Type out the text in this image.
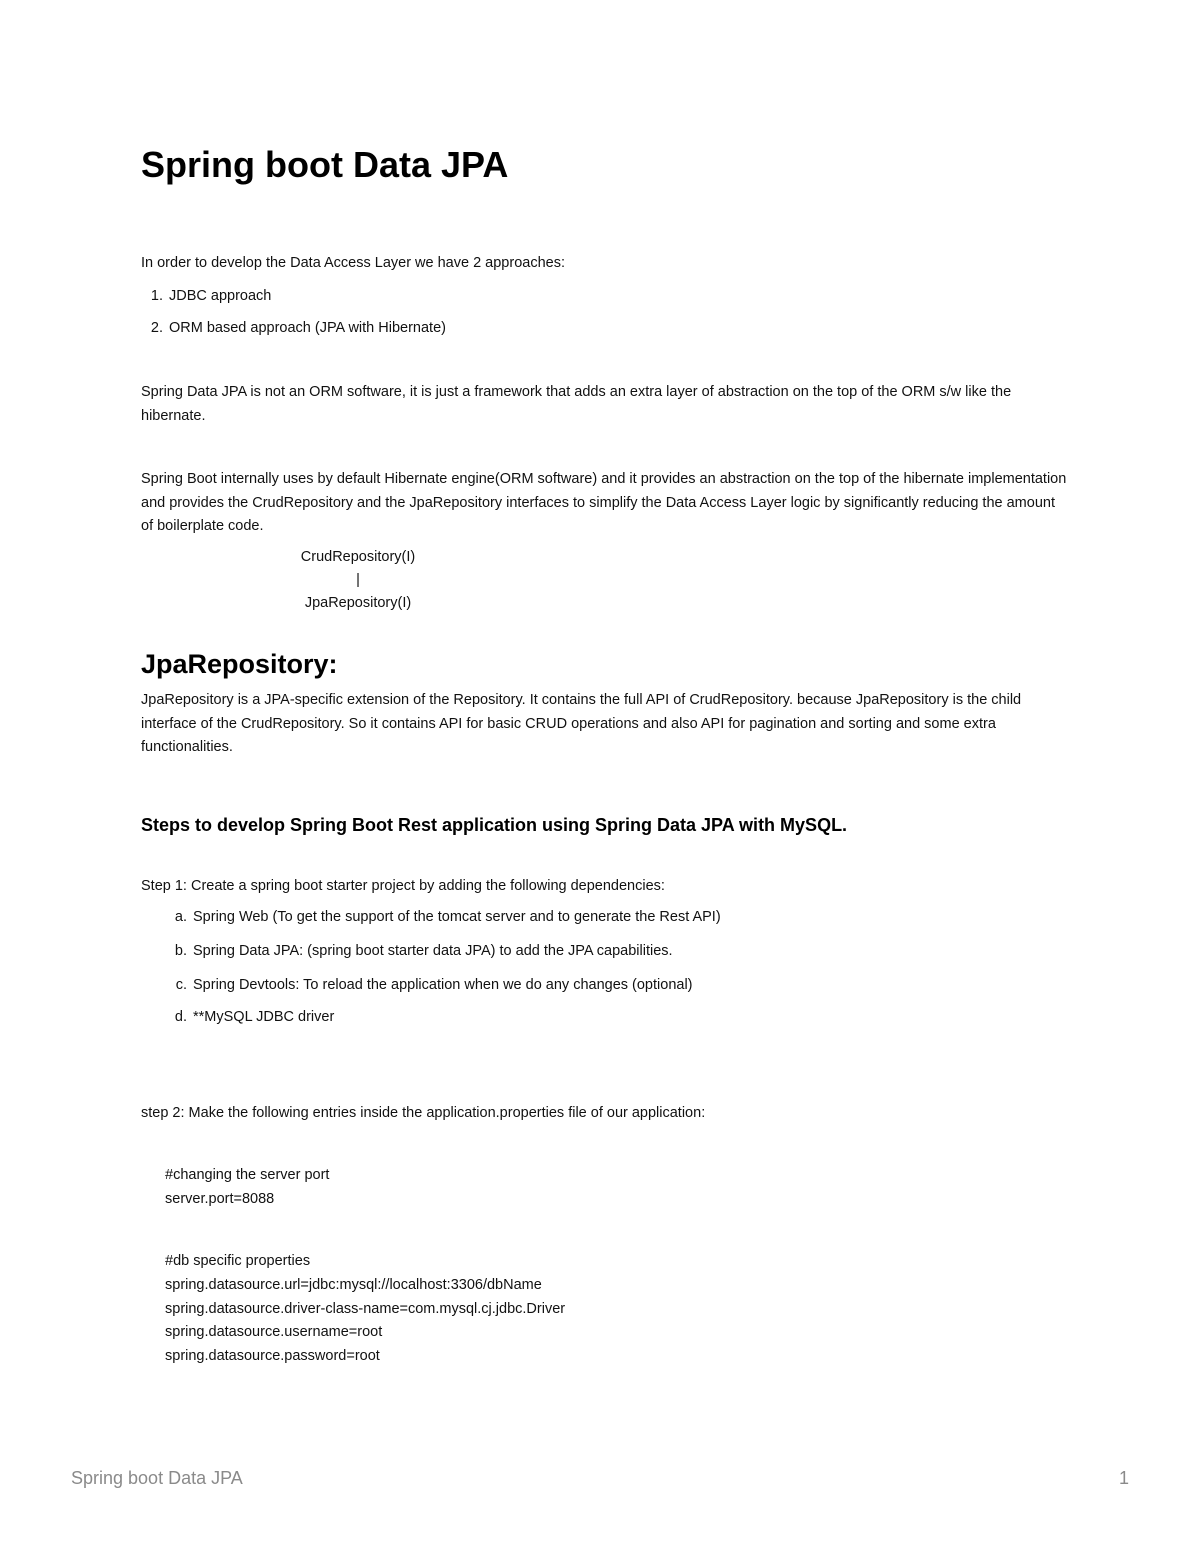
Spring boot Data JPA
In order to develop the Data Access Layer we have 2 approaches:
1. JDBC approach
2. ORM based approach (JPA with Hibernate)
Spring Data JPA is not an ORM software, it is just a framework that adds an extra layer of abstraction on the top of the ORM s/w like the hibernate.
Spring Boot internally uses by default Hibernate engine(ORM software) and it provides an abstraction on the top of the hibernate implementation and provides the CrudRepository and the JpaRepository interfaces to simplify the Data Access Layer logic by significantly reducing the amount of boilerplate code.
CrudRepository(I)
|
JpaRepository(I)
JpaRepository:
JpaRepository is a JPA-specific extension of the Repository. It contains the full API of CrudRepository. because JpaRepository is the child interface of the CrudRepository. So it contains API for basic CRUD operations and also API for pagination and sorting and some extra functionalities.
Steps to develop Spring Boot Rest application using Spring Data JPA with MySQL.
Step 1: Create a spring boot starter project by adding the following dependencies:
a. Spring Web (To get the support of the tomcat server and to generate the Rest API)
b. Spring Data JPA: (spring boot starter data JPA) to add the JPA capabilities.
c. Spring Devtools: To reload the application when we do any changes (optional)
d. **MySQL JDBC driver
step 2: Make the following entries inside the application.properties file of our application:
#changing the server port
server.port=8088
#db specific properties
spring.datasource.url=jdbc:mysql://localhost:3306/dbName
spring.datasource.driver-class-name=com.mysql.cj.jdbc.Driver
spring.datasource.username=root
spring.datasource.password=root
Spring boot Data JPA	1
